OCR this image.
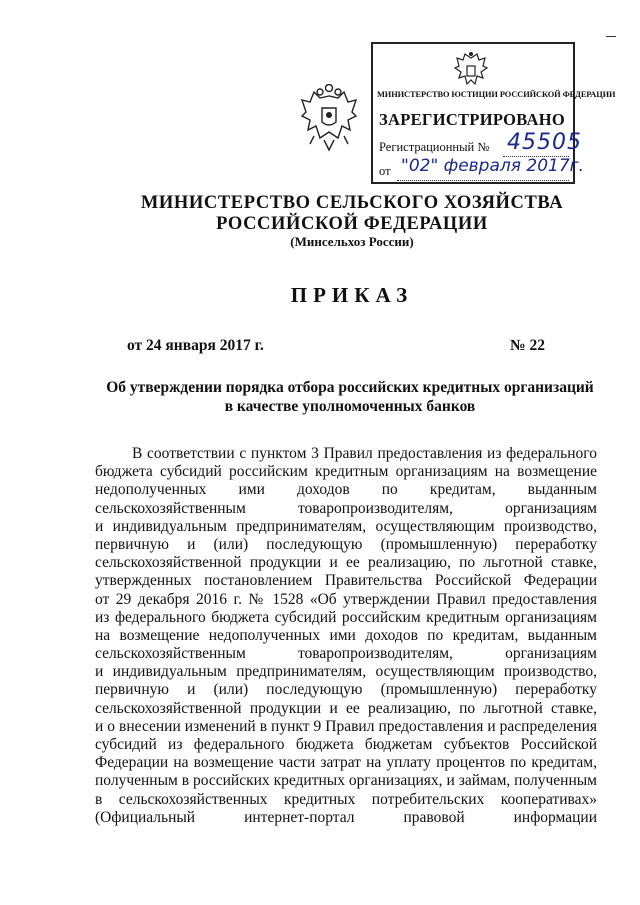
МИНИСТЕРСТВО ЮСТИЦИИ РОССИЙСКОЙ ФЕДЕРАЦИИ
ЗАРЕГИСТРИРОВАНО
Регистрационный № 45505
от "02" февраля 2017г.
МИНИСТЕРСТВО СЕЛЬСКОГО ХОЗЯЙСТВА
РОССИЙСКОЙ ФЕДЕРАЦИИ
(Минсельхоз России)
ПРИКАЗ
от 24 января 2017 г.	№ 22
Об утверждении порядка отбора российских кредитных организаций
в качестве уполномоченных банков
В соответствии с пунктом 3 Правил предоставления из федерального
бюджета субсидий российским кредитным организациям на возмещение
недополученных ими доходов по кредитам, выданным
сельскохозяйственным товаропроизводителям, организациям
и индивидуальным предпринимателям, осуществляющим производство,
первичную и (или) последующую (промышленную) переработку
сельскохозяйственной продукции и ее реализацию, по льготной ставке,
утвержденных постановлением Правительства Российской Федерации
от 29 декабря 2016 г. № 1528 «Об утверждении Правил предоставления
из федерального бюджета субсидий российским кредитным организациям
на возмещение недополученных ими доходов по кредитам, выданным
сельскохозяйственным товаропроизводителям, организациям
и индивидуальным предпринимателям, осуществляющим производство,
первичную и (или) последующую (промышленную) переработку
сельскохозяйственной продукции и ее реализацию, по льготной ставке,
и о внесении изменений в пункт 9 Правил предоставления и распределения
субсидий из федерального бюджета бюджетам субъектов Российской
Федерации на возмещение части затрат на уплату процентов по кредитам,
полученным в российских кредитных организациях, и займам, полученным
в сельскохозяйственных кредитных потребительских кооперативах»
(Официальный интернет-портал правовой информации
